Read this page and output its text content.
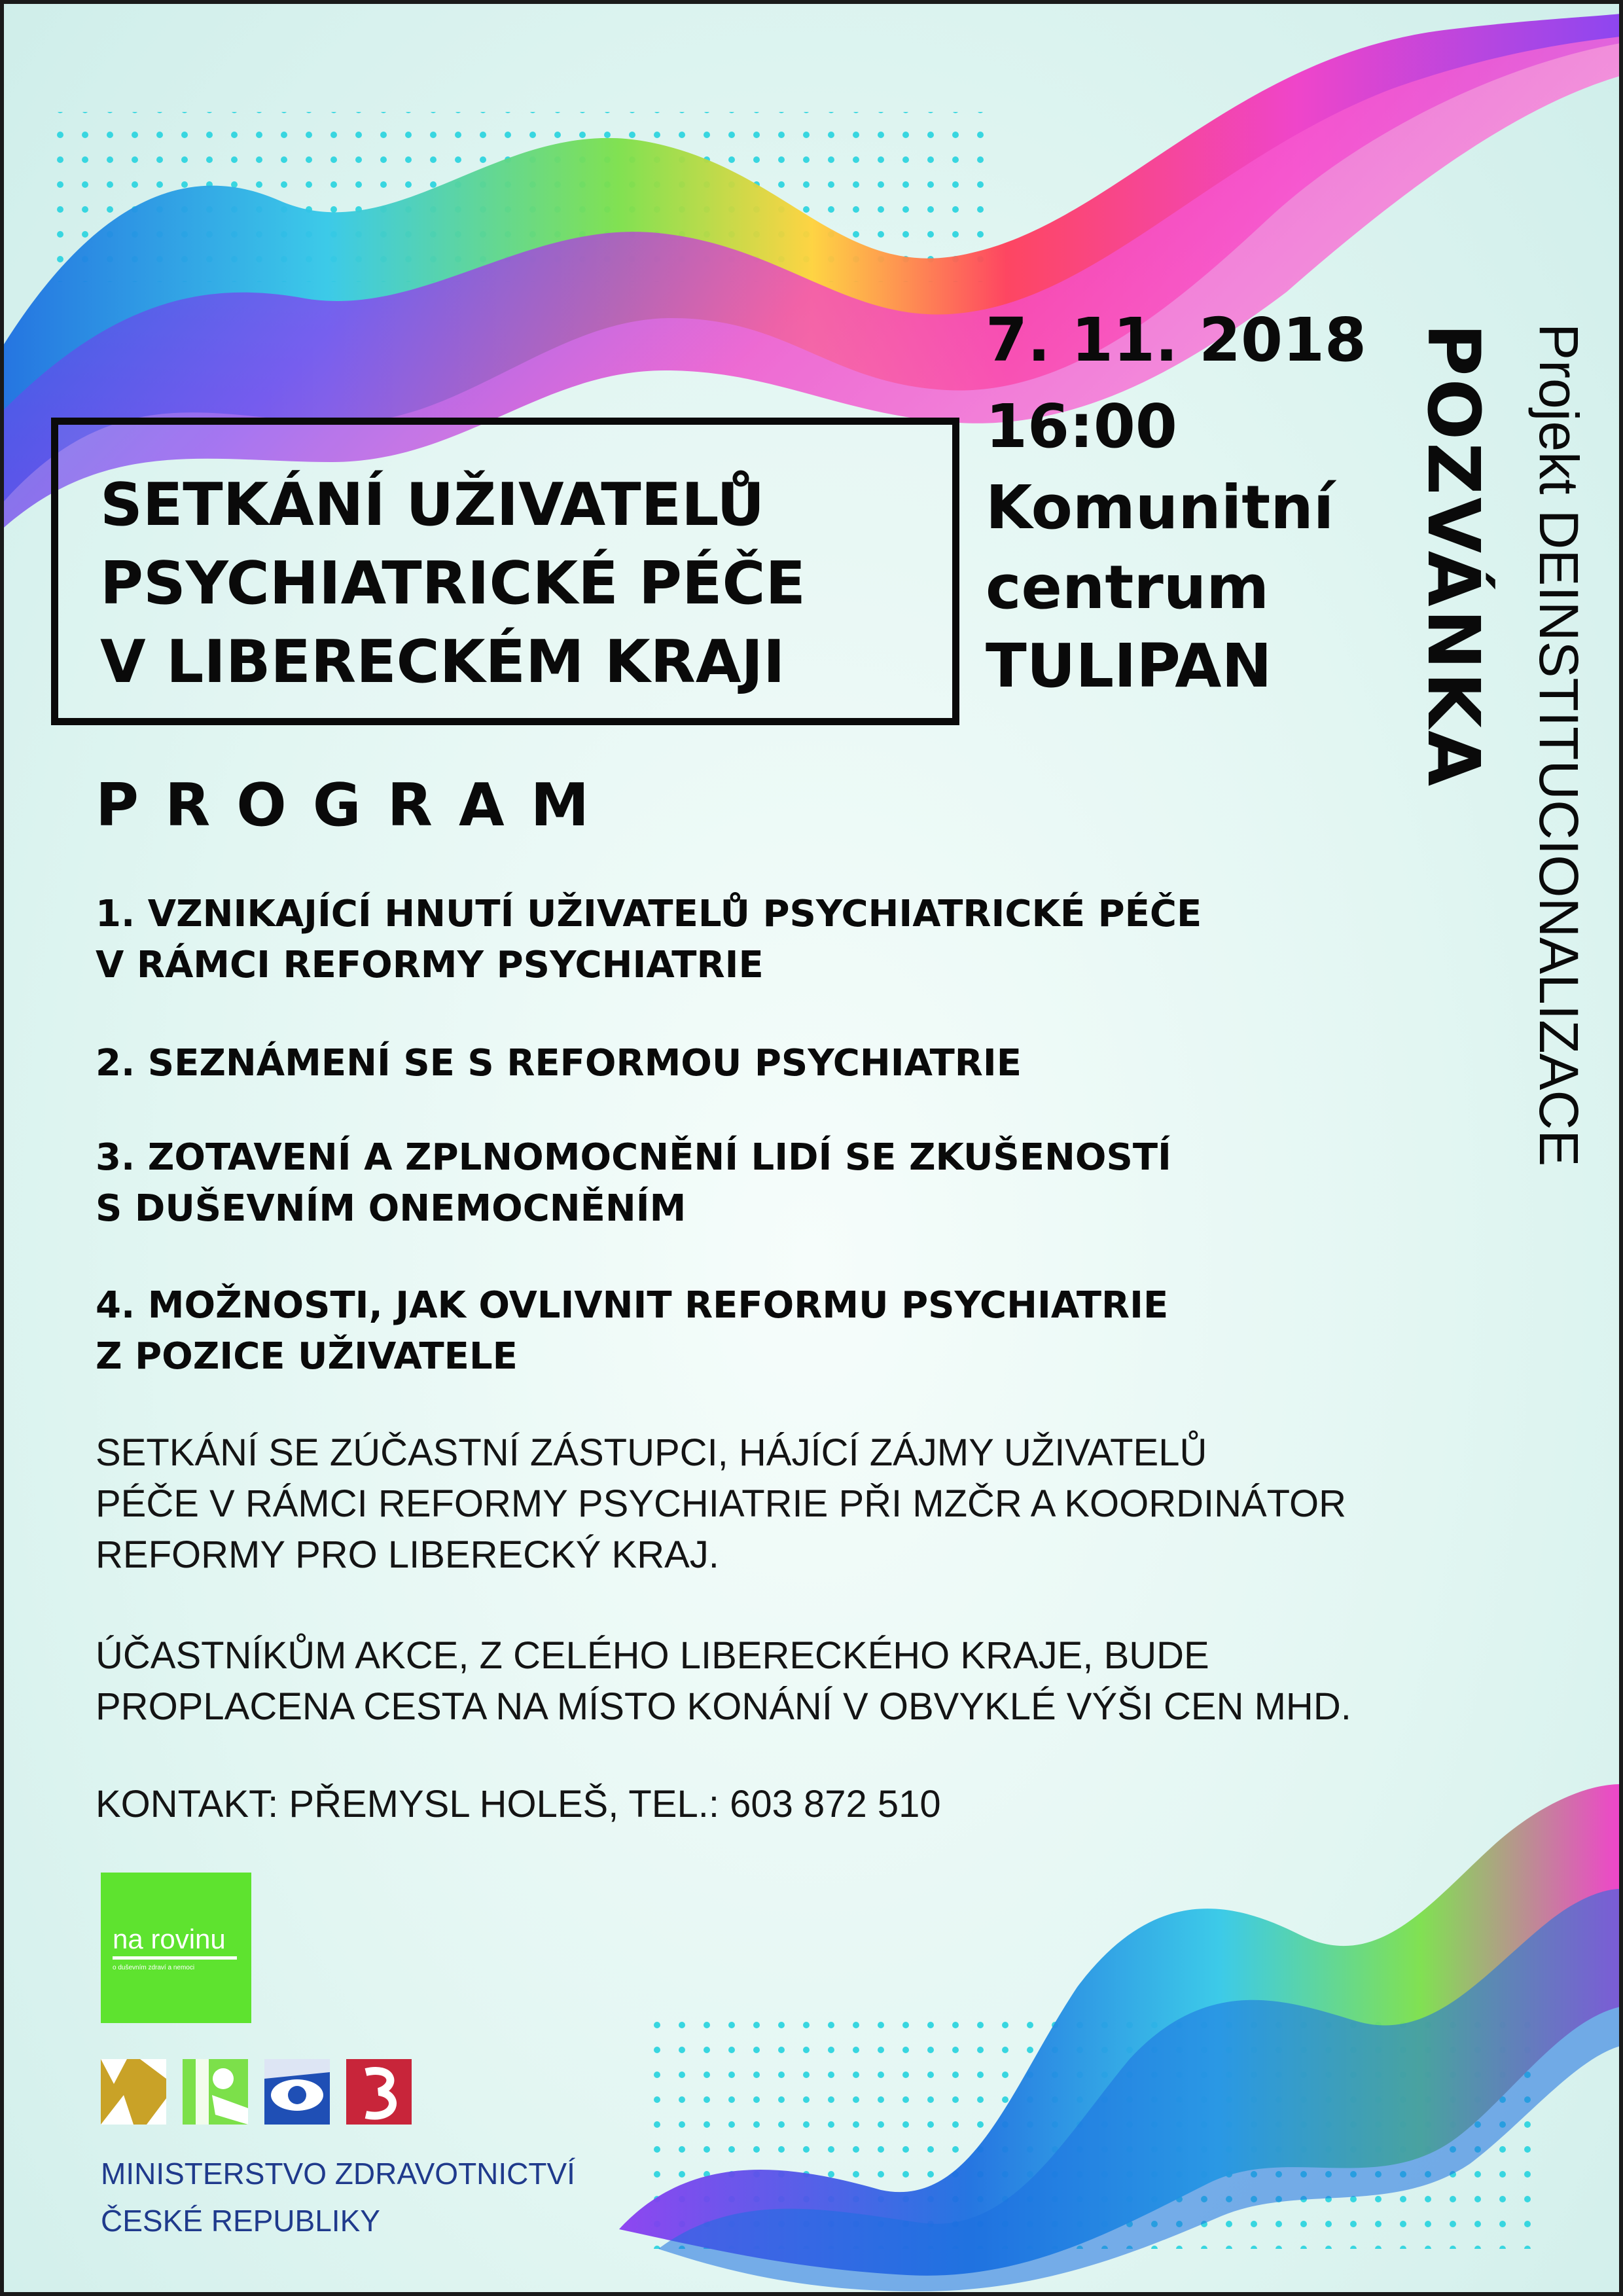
SETKÁNÍ UŽIVATELŮ
PSYCHIATRICKÉ PÉČE
V LIBERECKÉM KRAJI
7. 11. 2018
16:00
Komunitní
centrum
TULIPAN POZVÁNKA Projekt DEINSTITUCIONALIZACE
PROGRAM
1. VZNIKAJÍCÍ HNUTÍ UŽIVATELŮ PSYCHIATRICKÉ PÉČE
V RÁMCI REFORMY PSYCHIATRIE
2. SEZNÁMENÍ SE S REFORMOU PSYCHIATRIE
3. ZOTAVENÍ A ZPLNOMOCNĚNÍ LIDÍ SE ZKUŠENOSTÍ
S DUŠEVNÍM ONEMOCNĚNÍM
4. MOŽNOSTI, JAK OVLIVNIT REFORMU PSYCHIATRIE
Z POZICE UŽIVATELE
SETKÁNÍ SE ZÚČASTNÍ ZÁSTUPCI, HÁJÍCÍ ZÁJMY UŽIVATELŮ
PÉČE V RÁMCI REFORMY PSYCHIATRIE PŘI MZČR A KOORDINÁTOR
REFORMY PRO LIBERECKÝ KRAJ.
ÚČASTNÍKŮM AKCE, Z CELÉHO LIBERECKÉHO KRAJE, BUDE
PROPLACENA CESTA NA MÍSTO KONÁNÍ V OBVYKLÉ VÝŠI CEN MHD.
KONTAKT: PŘEMYSL HOLEŠ, TEL.: 603 872 510
na rovinu
o duševním zdraví a nemoci
MINISTERSTVO ZDRAVOTNICTVÍ
ČESKÉ REPUBLIKY
